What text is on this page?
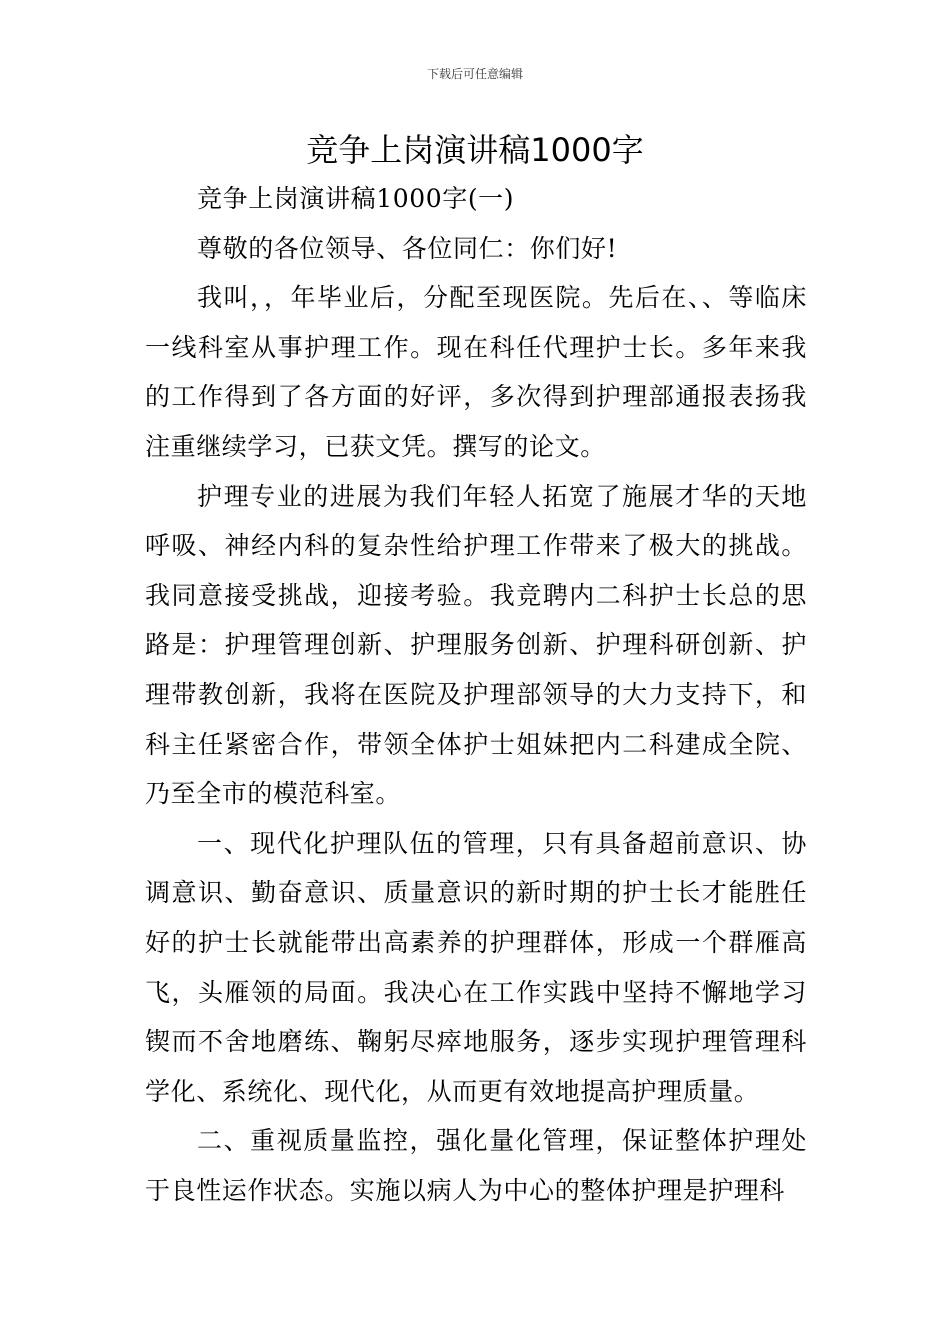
下载后可任意编辑
竞争上岗演讲稿1000字

竞争上岗演讲稿1000字(一)

尊敬的各位领导、各位同仁：你们好!

我叫，，年毕业后，分配至现医院。先后在、、等临床一线科室从事护理工作。现在科任代理护士长。多年来我的工作得到了各方面的好评，多次得到护理部通报表扬我注重继续学习，已获文凭。撰写的论文。

护理专业的进展为我们年轻人拓宽了施展才华的天地呼吸、神经内科的复杂性给护理工作带来了极大的挑战。我同意接受挑战，迎接考验。我竞聘内二科护士长总的思路是：护理管理创新、护理服务创新、护理科研创新、护理带教创新，我将在医院及护理部领导的大力支持下，和科主任紧密合作，带领全体护士姐妹把内二科建成全院、乃至全市的模范科室。

一、现代化护理队伍的管理，只有具备超前意识、协调意识、勤奋意识、质量意识的新时期的护士长才能胜任好的护士长就能带出高素养的护理群体，形成一个群雁高飞，头雁领的局面。我决心在工作实践中坚持不懈地学习锲而不舍地磨练、鞠躬尽瘁地服务，逐步实现护理管理科学化、系统化、现代化，从而更有效地提高护理质量。

二、重视质量监控，强化量化管理，保证整体护理处于良性运作状态。实施以病人为中心的整体护理是护理科
